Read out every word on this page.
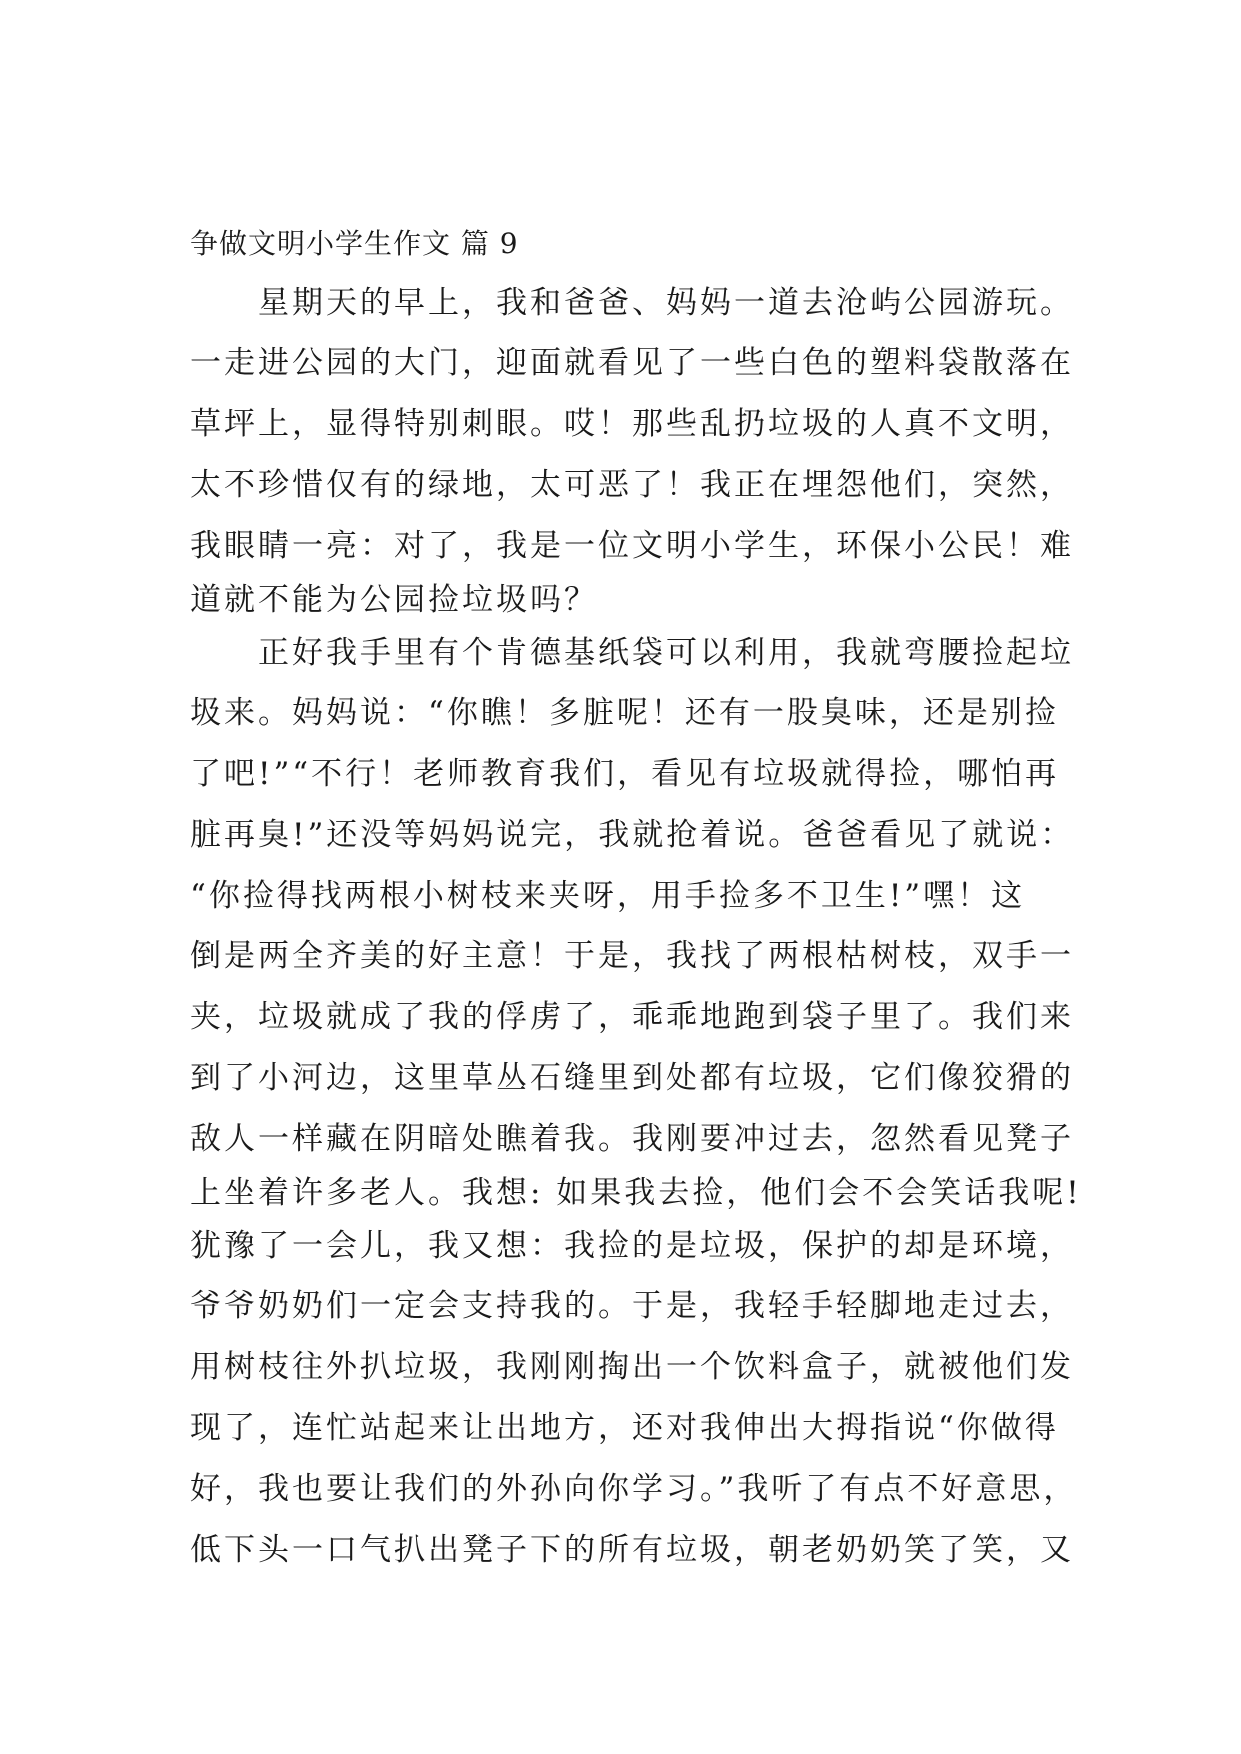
争做文明小学生作文 篇 9
　　星期天的早上，我和爸爸、妈妈一道去沧屿公园游玩。
一走进公园的大门，迎面就看见了一些白色的塑料袋散落在
草坪上，显得特别刺眼。哎！那些乱扔垃圾的人真不文明，
太不珍惜仅有的绿地，太可恶了！我正在埋怨他们，突然，
我眼睛一亮：对了，我是一位文明小学生，环保小公民！难
道就不能为公园捡垃圾吗？
　　正好我手里有个肯德基纸袋可以利用，我就弯腰捡起垃
圾来。妈妈说：“你瞧！多脏呢！还有一股臭味，还是别捡
了吧!”“不行！老师教育我们，看见有垃圾就得捡，哪怕再
脏再臭!”还没等妈妈说完，我就抢着说。爸爸看见了就说：
“你捡得找两根小树枝来夹呀，用手捡多不卫生!”嘿！这
倒是两全齐美的好主意！于是，我找了两根枯树枝，双手一
夹，垃圾就成了我的俘虏了，乖乖地跑到袋子里了。我们来
到了小河边，这里草丛石缝里到处都有垃圾，它们像狡猾的
敌人一样藏在阴暗处瞧着我。我刚要冲过去，忽然看见凳子
上坐着许多老人。我想: 如果我去捡，他们会不会笑话我呢!
犹豫了一会儿，我又想：我捡的是垃圾，保护的却是环境，
爷爷奶奶们一定会支持我的。于是，我轻手轻脚地走过去，
用树枝往外扒垃圾，我刚刚掏出一个饮料盒子，就被他们发
现了，连忙站起来让出地方，还对我伸出大拇指说“你做得
好，我也要让我们的外孙向你学习。”我听了有点不好意思，
低下头一口气扒出凳子下的所有垃圾，朝老奶奶笑了笑，又
